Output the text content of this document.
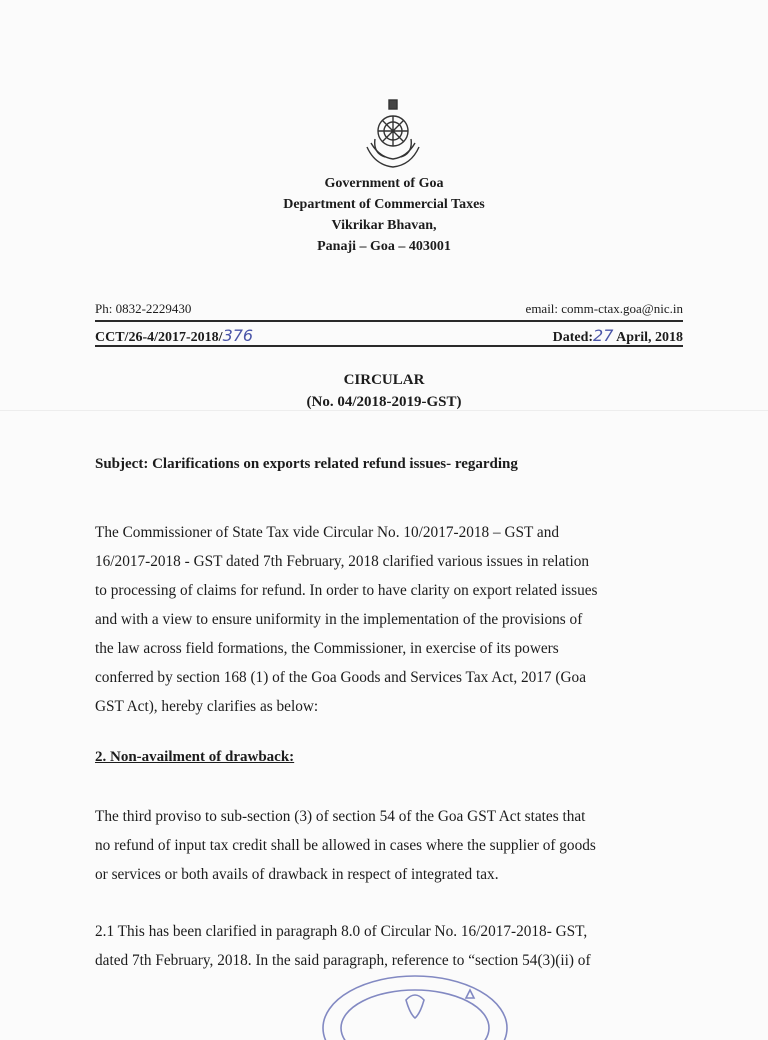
Government of Goa
Department of Commercial Taxes
Vikrikar Bhavan,
Panaji – Goa – 403001
Ph: 0832-2229430	email: comm-ctax.goa@nic.in
CCT/26-4/2017-2018/376	Dated:27 April, 2018
CIRCULAR
(No. 04/2018-2019-GST)
Subject: Clarifications on exports related refund issues- regarding
The Commissioner of State Tax vide Circular No. 10/2017-2018 – GST and
16/2017-2018 - GST dated 7th February, 2018 clarified various issues in relation
to processing of claims for refund. In order to have clarity on export related issues
and with a view to ensure uniformity in the implementation of the provisions of
the law across field formations, the Commissioner, in exercise of its powers
conferred by section 168 (1) of the Goa Goods and Services Tax Act, 2017 (Goa
GST Act), hereby clarifies as below:
2. Non-availment of drawback:
The third proviso to sub-section (3) of section 54 of the Goa GST Act states that
no refund of input tax credit shall be allowed in cases where the supplier of goods
or services or both avails of drawback in respect of integrated tax.
2.1 This has been clarified in paragraph 8.0 of Circular No. 16/2017-2018- GST,
dated 7th February, 2018. In the said paragraph, reference to “section 54(3)(ii) of
